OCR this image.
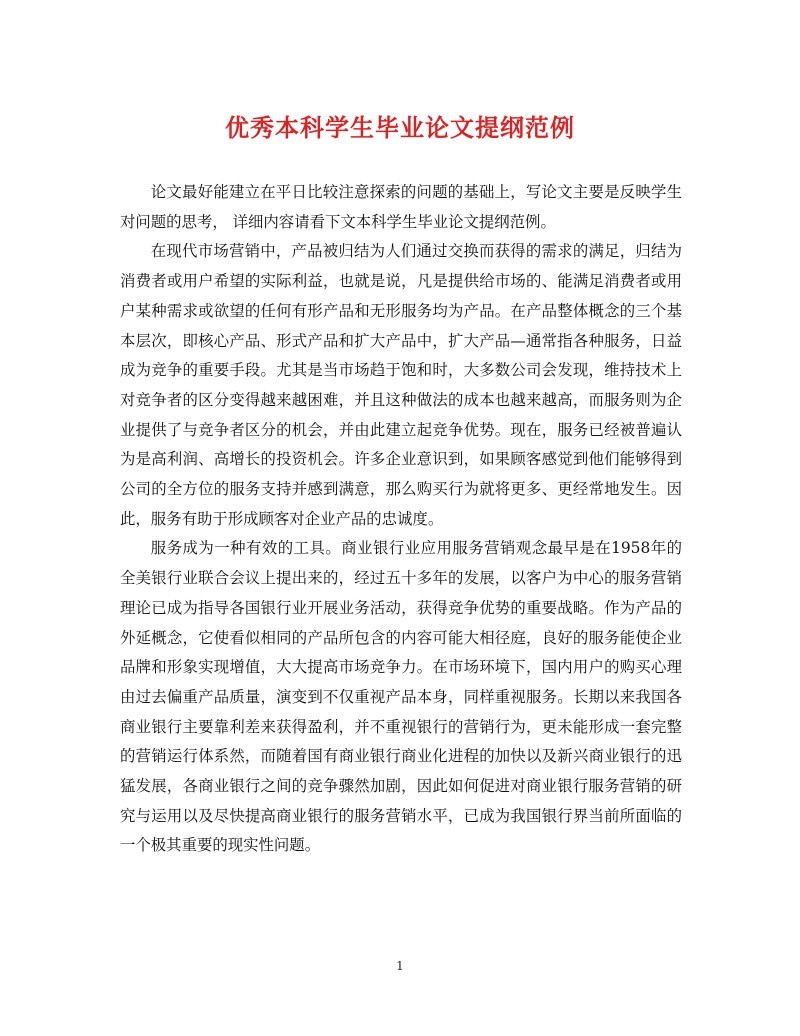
优秀本科学生毕业论文提纲范例

论文最好能建立在平日比较注意探索的问题的基础上，写论文主要是反映学生对问题的思考， 详细内容请看下文本科学生毕业论文提纲范例。

在现代市场营销中，产品被归结为人们通过交换而获得的需求的满足，归结为消费者或用户希望的实际利益，也就是说，凡是提供给市场的、能满足消费者或用户某种需求或欲望的任何有形产品和无形服务均为产品。在产品整体概念的三个基本层次，即核心产品、形式产品和扩大产品中，扩大产品—通常指各种服务，日益成为竞争的重要手段。尤其是当市场趋于饱和时，大多数公司会发现，维持技术上对竞争者的区分变得越来越困难，并且这种做法的成本也越来越高，而服务则为企业提供了与竞争者区分的机会，并由此建立起竞争优势。现在，服务已经被普遍认为是高利润、高增长的投资机会。许多企业意识到，如果顾客感觉到他们能够得到公司的全方位的服务支持并感到满意，那么购买行为就将更多、更经常地发生。因此，服务有助于形成顾客对企业产品的忠诚度。

服务成为一种有效的工具。商业银行业应用服务营销观念最早是在1958年的全美银行业联合会议上提出来的，经过五十多年的发展，以客户为中心的服务营销理论已成为指导各国银行业开展业务活动，获得竞争优势的重要战略。作为产品的外延概念，它使看似相同的产品所包含的内容可能大相径庭，良好的服务能使企业品牌和形象实现增值，大大提高市场竞争力。在市场环境下，国内用户的购买心理由过去偏重产品质量，演变到不仅重视产品本身，同样重视服务。长期以来我国各商业银行主要靠利差来获得盈利，并不重视银行的营销行为，更未能形成一套完整的营销运行体系然，而随着国有商业银行商业化进程的加快以及新兴商业银行的迅猛发展，各商业银行之间的竞争骤然加剧，因此如何促进对商业银行服务营销的研究与运用以及尽快提高商业银行的服务营销水平，已成为我国银行界当前所面临的一个极其重要的现实性问题。

1
